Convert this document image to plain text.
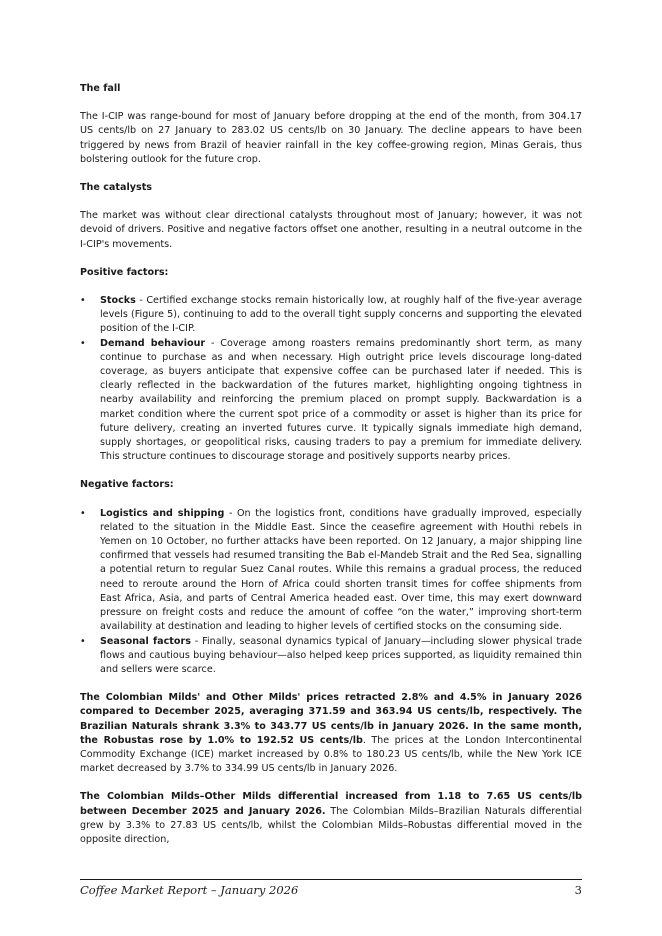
The fall

The I-CIP was range-bound for most of January before dropping at the end of the month, from 304.17 US cents/lb on 27 January to 283.02 US cents/lb on 30 January. The decline appears to have been triggered by news from Brazil of heavier rainfall in the key coffee-growing region, Minas Gerais, thus bolstering outlook for the future crop.

The catalysts

The market was without clear directional catalysts throughout most of January; however, it was not devoid of drivers. Positive and negative factors offset one another, resulting in a neutral outcome in the I-CIP's movements.

Positive factors:

• Stocks - Certified exchange stocks remain historically low, at roughly half of the five-year average levels (Figure 5), continuing to add to the overall tight supply concerns and supporting the elevated position of the I-CIP.
• Demand behaviour - Coverage among roasters remains predominantly short term, as many continue to purchase as and when necessary. High outright price levels discourage long-dated coverage, as buyers anticipate that expensive coffee can be purchased later if needed. This is clearly reflected in the backwardation of the futures market, highlighting ongoing tightness in nearby availability and reinforcing the premium placed on prompt supply. Backwardation is a market condition where the current spot price of a commodity or asset is higher than its price for future delivery, creating an inverted futures curve. It typically signals immediate high demand, supply shortages, or geopolitical risks, causing traders to pay a premium for immediate delivery. This structure continues to discourage storage and positively supports nearby prices.

Negative factors:

• Logistics and shipping - On the logistics front, conditions have gradually improved, especially related to the situation in the Middle East. Since the ceasefire agreement with Houthi rebels in Yemen on 10 October, no further attacks have been reported. On 12 January, a major shipping line confirmed that vessels had resumed transiting the Bab el-Mandeb Strait and the Red Sea, signalling a potential return to regular Suez Canal routes. While this remains a gradual process, the reduced need to reroute around the Horn of Africa could shorten transit times for coffee shipments from East Africa, Asia, and parts of Central America headed east. Over time, this may exert downward pressure on freight costs and reduce the amount of coffee “on the water,” improving short-term availability at destination and leading to higher levels of certified stocks on the consuming side.
• Seasonal factors - Finally, seasonal dynamics typical of January—including slower physical trade flows and cautious buying behaviour—also helped keep prices supported, as liquidity remained thin and sellers were scarce.

The Colombian Milds' and Other Milds' prices retracted 2.8% and 4.5% in January 2026 compared to December 2025, averaging 371.59 and 363.94 US cents/lb, respectively. The Brazilian Naturals shrank 3.3% to 343.77 US cents/lb in January 2026. In the same month, the Robustas rose by 1.0% to 192.52 US cents/lb. The prices at the London Intercontinental Commodity Exchange (ICE) market increased by 0.8% to 180.23 US cents/lb, while the New York ICE market decreased by 3.7% to 334.99 US cents/lb in January 2026.

The Colombian Milds–Other Milds differential increased from 1.18 to 7.65 US cents/lb between December 2025 and January 2026. The Colombian Milds–Brazilian Naturals differential grew by 3.3% to 27.83 US cents/lb, whilst the Colombian Milds–Robustas differential moved in the opposite direction,

Coffee Market Report – January 2026	3
